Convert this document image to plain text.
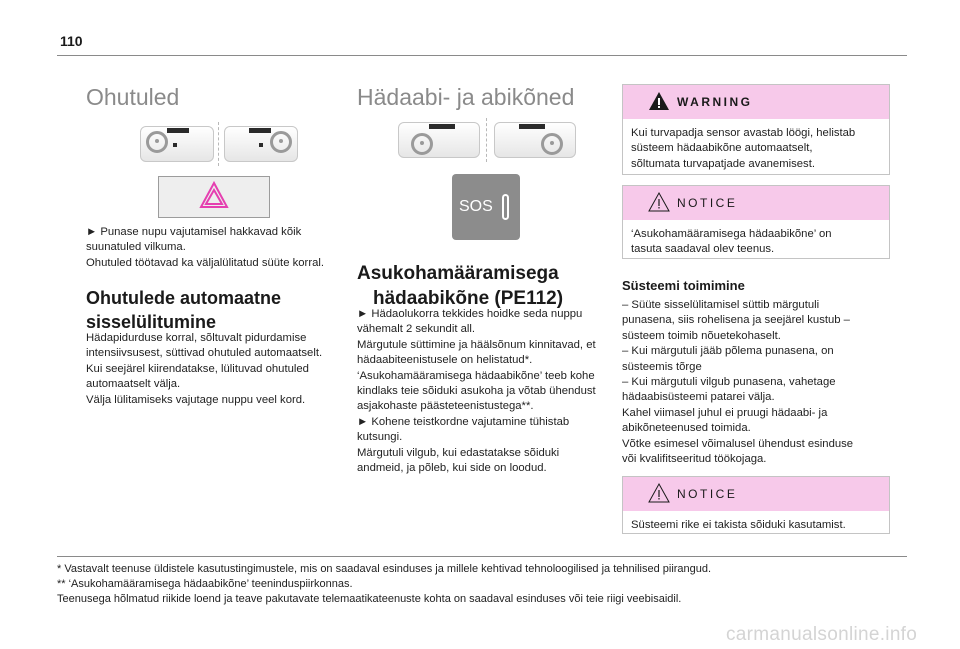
110
Ohutuled
► Punase nupu vajutamisel hakkavad kõik
suunatuled vilkuma.
Ohutuled töötavad ka väljalülitatud süüte korral.
Ohutulede automaatne
sisselülitumine
Hädapidurduse korral, sõltuvalt pidurdamise
intensiivsusest, süttivad ohutuled automaatselt.
Kui seejärel kiirendatakse, lülituvad ohutuled
automaatselt välja.
Välja lülitamiseks vajutage nuppu veel kord.
Hädaabi- ja abikõned
SOS
Asukohamääramisega
hädaabikõne (PE112)
► Hädaolukorra tekkides hoidke seda nuppu
vähemalt 2 sekundit all.
Märgutule süttimine ja häälsõnum kinnitavad, et
hädaabiteenistusele on helistatud*.
‘Asukohamääramisega hädaabikõne’ teeb kohe
kindlaks teie sõiduki asukoha ja võtab ühendust
asjakohaste päästeteenistustega**.
► Kohene teistkordne vajutamine tühistab
kutsungi.
Märgutuli vilgub, kui edastatakse sõiduki
andmeid, ja põleb, kui side on loodud.
WARNING
Kui turvapadja sensor avastab löögi, helistab
süsteem hädaabikõne automaatselt,
sõltumata turvapatjade avanemisest.
NOTICE
‘Asukohamääramisega hädaabikõne’ on
tasuta saadaval olev teenus.
Süsteemi toimimine
– Süüte sisselülitamisel süttib märgutuli
punasena, siis rohelisena ja seejärel kustub –
süsteem toimib nõuetekohaselt.
– Kui märgutuli jääb põlema punasena, on
süsteemis tõrge
– Kui märgutuli vilgub punasena, vahetage
hädaabisüsteemi patarei välja.
Kahel viimasel juhul ei pruugi hädaabi- ja
abikõneteenused toimida.
Võtke esimesel võimalusel ühendust esinduse
või kvalifitseeritud töökojaga.
NOTICE
Süsteemi rike ei takista sõiduki kasutamist.
* Vastavalt teenuse üldistele kasutustingimustele, mis on saadaval esinduses ja millele kehtivad tehnoloogilised ja tehnilised piirangud.
** ‘Asukohamääramisega hädaabikõne’ teeninduspiirkonnas.
Teenusega hõlmatud riikide loend ja teave pakutavate telemaatikateenuste kohta on saadaval esinduses või teie riigi veebisaidil.
carmanualsonline.info
